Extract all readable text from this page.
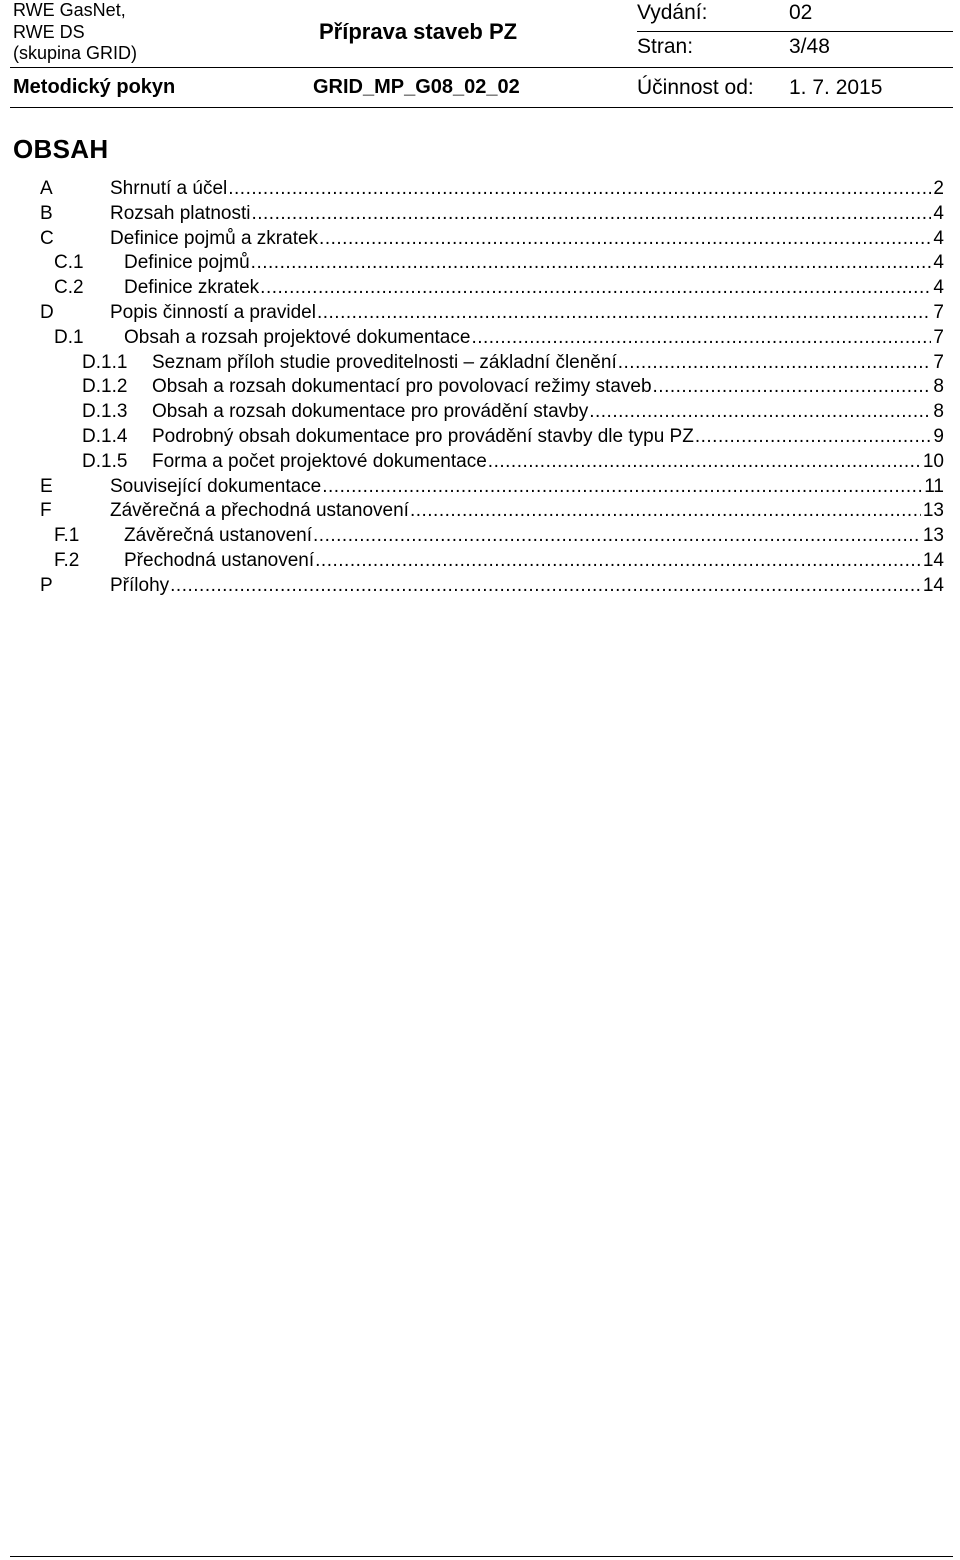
RWE GasNet,
RWE DS
(skupina GRID)
Příprava staveb PZ
Vydání:	02
Stran:	3/48
Metodický pokyn	GRID_MP_G08_02_02	Účinnost od: 1. 7. 2015
OBSAH
A	Shrnutí a účel .....	2
B	Rozsah platnosti .....	4
C	Definice pojmů a zkratek .....	4
C.1	Definice pojmů .....	4
C.2	Definice zkratek .....	4
D	Popis činností a pravidel .....	7
D.1	Obsah a rozsah projektové dokumentace .....	7
D.1.1	Seznam příloh studie proveditelnosti – základní členění .....	7
D.1.2	Obsah a rozsah dokumentací pro povolovací režimy staveb .....	8
D.1.3	Obsah a rozsah dokumentace pro provádění stavby .....	8
D.1.4	Podrobný obsah dokumentace pro provádění stavby dle typu PZ .....	9
D.1.5	Forma a počet projektové dokumentace .....	10
E	Související dokumentace .....	11
F	Závěrečná a přechodná ustanovení .....	13
F.1	Závěrečná ustanovení .....	13
F.2	Přechodná ustanovení .....	14
P	Přílohy .....	14
